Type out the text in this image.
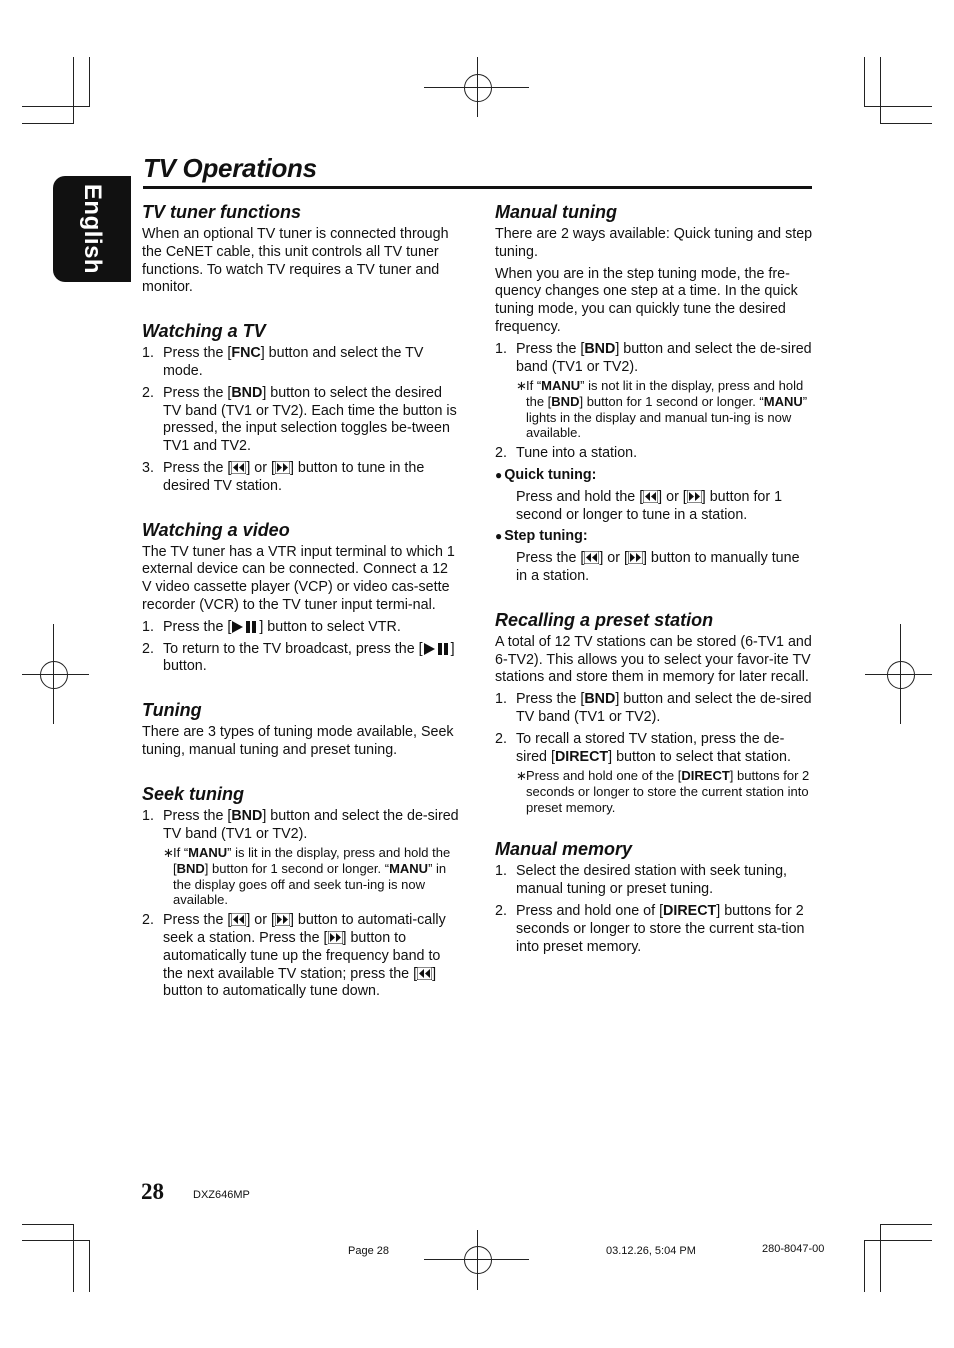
English
TV Operations
TV tuner functions

When an optional TV tuner is connected through the CeNET cable, this unit controls all TV tuner functions. To watch TV requires a TV tuner and monitor.

Watching a TV
1. Press the [FNC] button and select the TV mode.
2. Press the [BND] button to select the desired TV band (TV1 or TV2). Each time the button is pressed, the input selection toggles be-tween TV1 and TV2.
3. Press the [ ] or [ ] button to tune in the desired TV station.
Watching a video

The TV tuner has a VTR input terminal to which 1 external device can be connected. Connect a 12 V video cassette player (VCP) or video cas-sette recorder (VCR) to the TV tuner input termi-nal.

1. Press the [ ] button to select VTR.
2. To return to the TV broadcast, press the [ ] button.
Tuning

There are 3 types of tuning mode available, Seek tuning, manual tuning and preset tuning.

Seek tuning
1. Press the [BND] button and select the de-sired TV band (TV1 or TV2).
∗ If “MANU” is lit in the display, press and hold the [BND] button for 1 second or longer. “MANU” in the display goes off and seek tun-ing is now available.
2. Press the [ ] or [ ] button to automati-cally seek a station. Press the [ ] button to automatically tune up the frequency band to the next available TV station; press the [ ] button to automatically tune down.
Manual tuning

There are 2 ways available: Quick tuning and step tuning.

When you are in the step tuning mode, the fre-quency changes one step at a time. In the quick tuning mode, you can quickly tune the desired frequency.

1. Press the [BND] button and select the de-sired band (TV1 or TV2).
∗ If “MANU” is not lit in the display, press and hold the [BND] button for 1 second or longer. “MANU” lights in the display and manual tun-ing is now available.
2. Tune into a station.
● Quick tuning:
Press and hold the [ ] or [ ] button for 1 second or longer to tune in a station.
● Step tuning:
Press the [ ] or [ ] button to manually tune in a station.
Recalling a preset station

A total of 12 TV stations can be stored (6-TV1 and 6-TV2). This allows you to select your favor-ite TV stations and store them in memory for later recall.

1. Press the [BND] button and select the de-sired TV band (TV1 or TV2).
2. To recall a stored TV station, press the de-sired [DIRECT] button to select that station.
∗ Press and hold one of the [DIRECT] buttons for 2 seconds or longer to store the current station into preset memory.
Manual memory
1. Select the desired station with seek tuning, manual tuning or preset tuning.
2. Press and hold one of [DIRECT] buttons for 2 seconds or longer to store the current sta-tion into preset memory.
28	DXZ646MP
Page 28	03.12.26, 5:04 PM	280-8047-00
